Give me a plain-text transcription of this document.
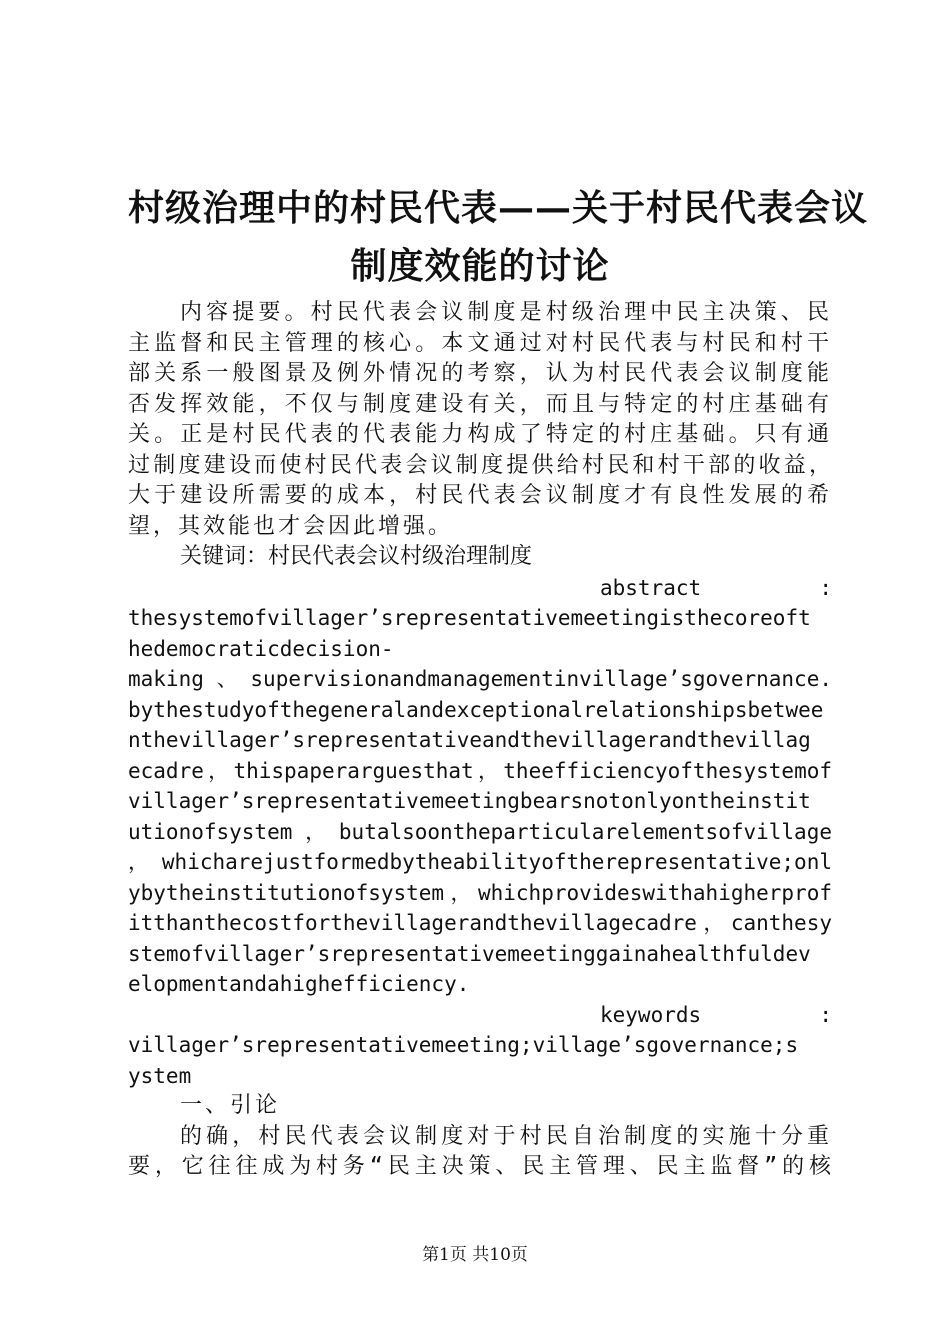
村级治理中的村民代表——关于村民代表会议
制度效能的讨论
内容提要。村民代表会议制度是村级治理中民主决策、民
主监督和民主管理的核心。本文通过对村民代表与村民和村干
部关系一般图景及例外情况的考察，认为村民代表会议制度能
否发挥效能，不仅与制度建设有关，而且与特定的村庄基础有
关。正是村民代表的代表能力构成了特定的村庄基础。只有通
过制度建设而使村民代表会议制度提供给村民和村干部的收益，
大于建设所需要的成本，村民代表会议制度才有良性发展的希
望，其效能也才会因此增强。
关键词：村民代表会议村级治理制度
abstract	:
thesystemofvillager’srepresentativemeetingisthecoreoft
hedemocraticdecision-
making、supervisionandmanagementinvillage’sgovernance.
bythestudyofthegeneralandexceptionalrelationshipsbetwee
nthevillager’srepresentativeandthevillagerandthevillag
ecadre，thispaperarguesthat，theefficiencyofthesystemof
villager’srepresentativemeetingbearsnotonlyontheinstit
utionofsystem ， butalsoontheparticularelementsofvillage
，whicharejustformedbytheabilityoftherepresentative;onl
ybytheinstitutionofsystem，whichprovideswithahigherprof
itthanthecostforthevillagerandthevillagecadre，canthesy
stemofvillager’srepresentativemeetinggainahealthfuldev
elopmentandahighefficiency.
keywords	:
villager’srepresentativemeeting;village’sgovernance;s
ystem
一、引论
的确，村民代表会议制度对于村民自治制度的实施十分重
要，它往往成为村务“民主决策、民主管理、民主监督”的核
第1页 共10页
